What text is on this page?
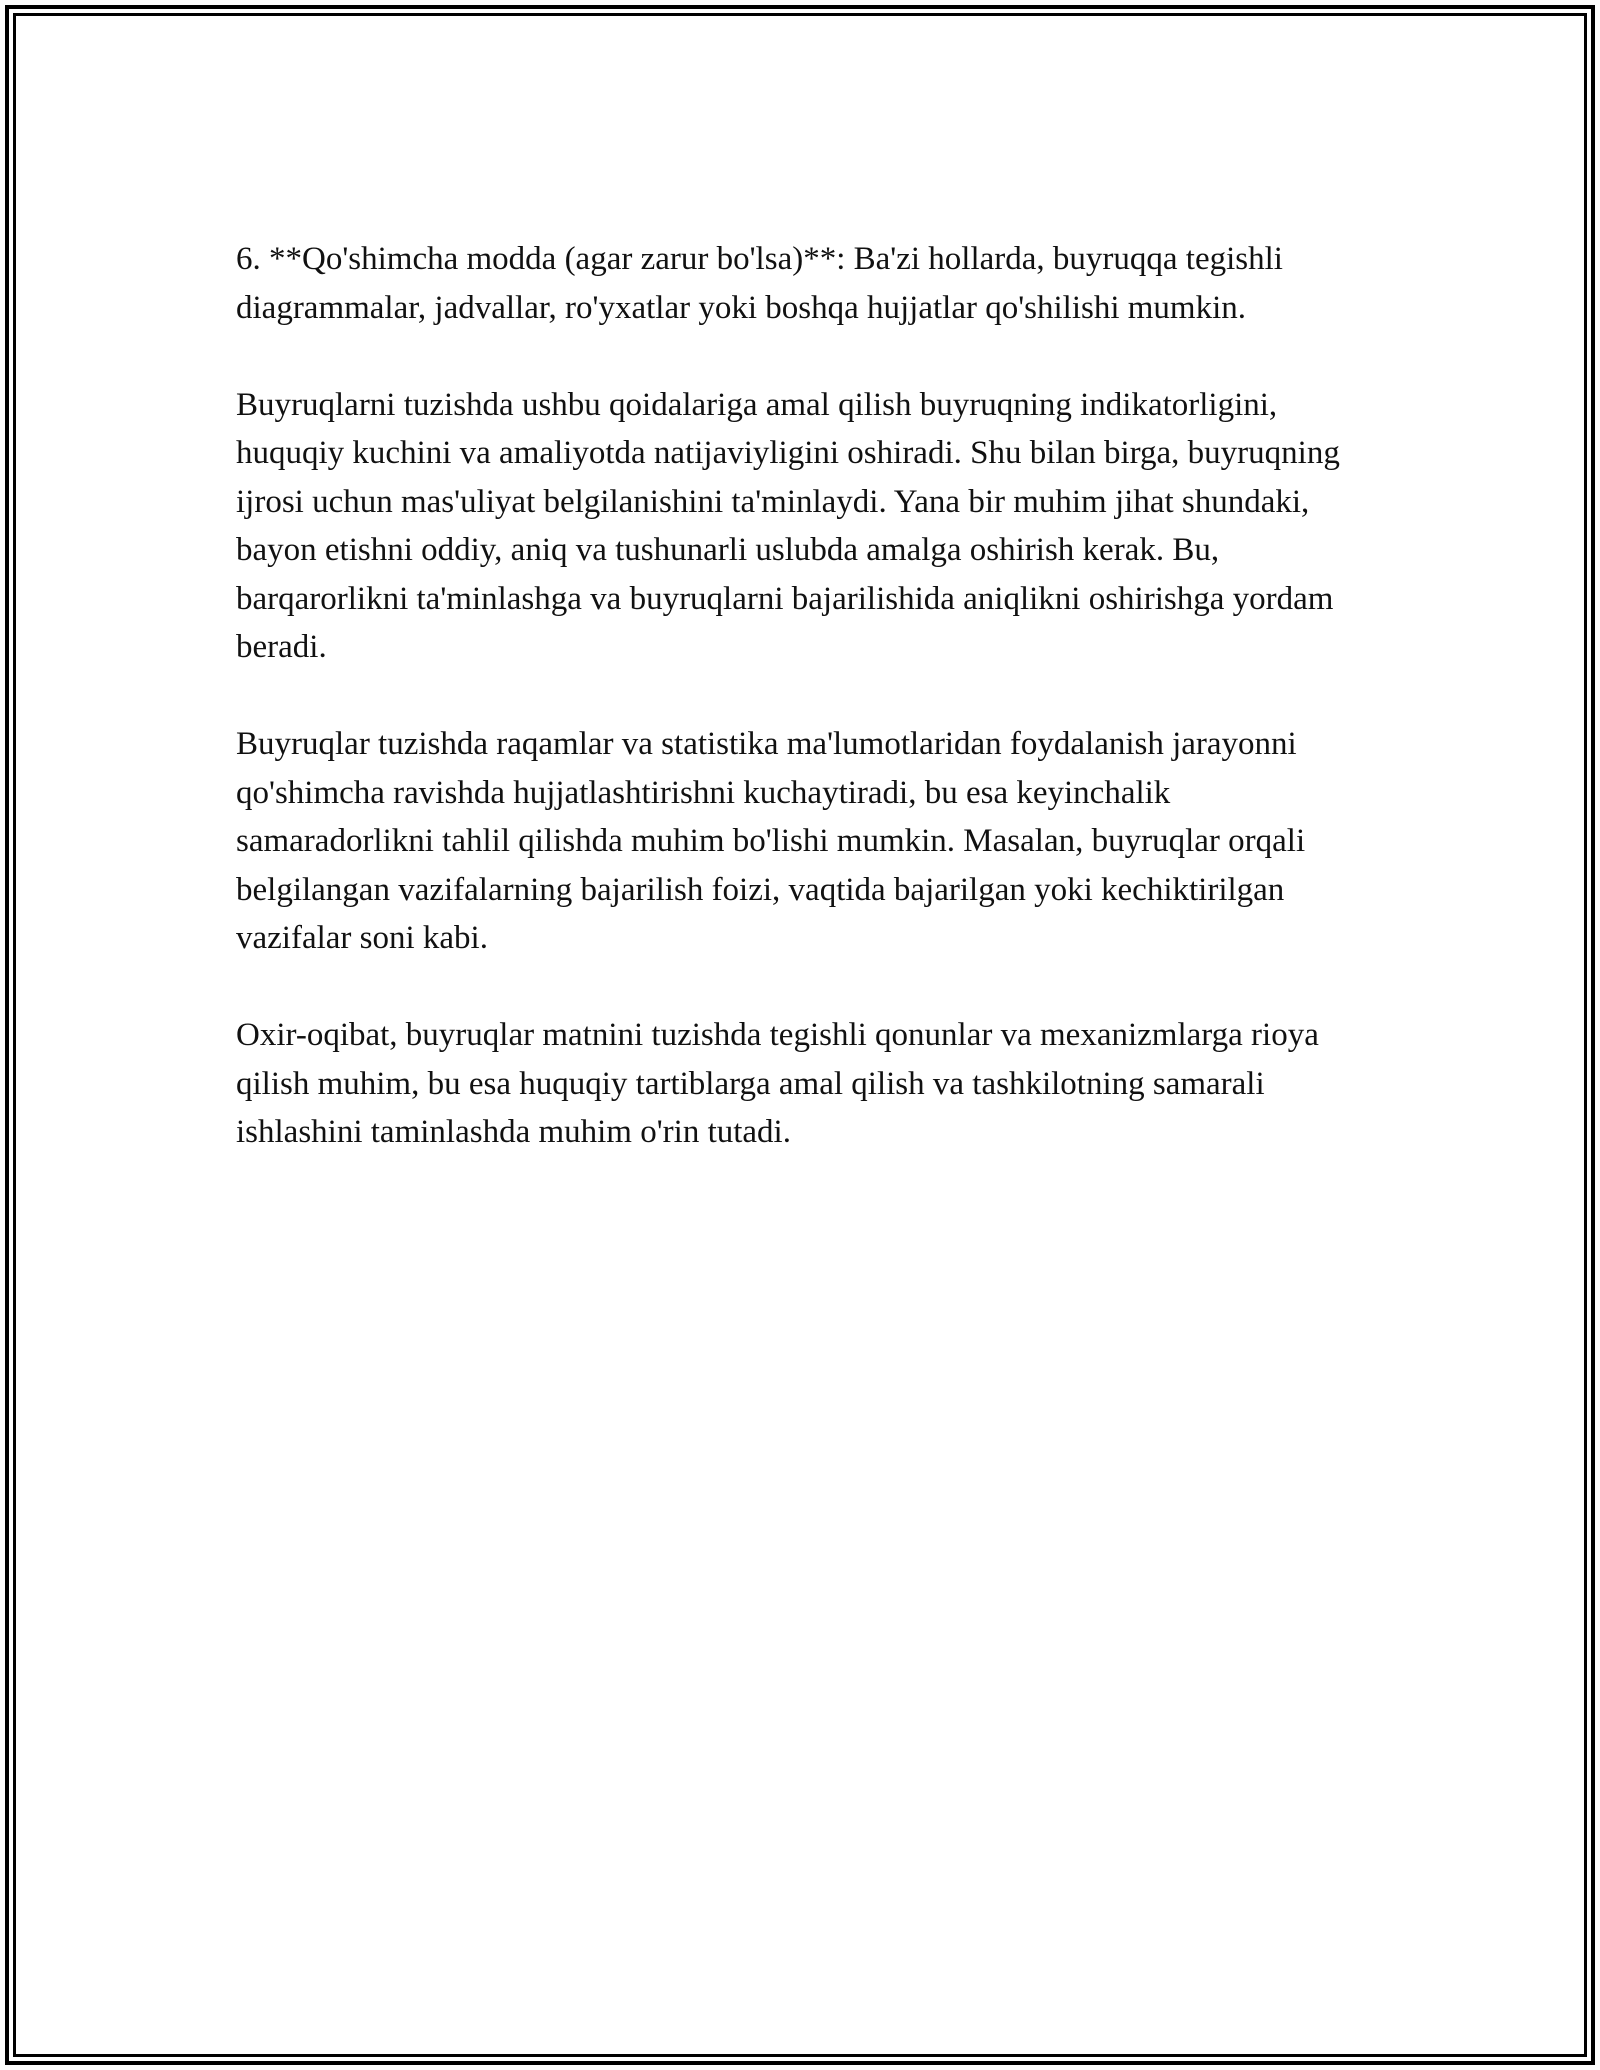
6. **Qo'shimcha modda (agar zarur bo'lsa)**: Ba'zi hollarda, buyruqqa tegishli diagrammalar, jadvallar, ro'yxatlar yoki boshqa hujjatlar qo'shilishi mumkin.

Buyruqlarni tuzishda ushbu qoidalariga amal qilish buyruqning indikatorligini, huquqiy kuchini va amaliyotda natijaviyligini oshiradi. Shu bilan birga, buyruqning ijrosi uchun mas'uliyat belgilanishini ta'minlaydi. Yana bir muhim jihat shundaki, bayon etishni oddiy, aniq va tushunarli uslubda amalga oshirish kerak. Bu, barqarorlikni ta'minlashga va buyruqlarni bajarilishida aniqlikni oshirishga yordam beradi.

Buyruqlar tuzishda raqamlar va statistika ma'lumotlaridan foydalanish jarayonni qo'shimcha ravishda hujjatlashtirishni kuchaytiradi, bu esa keyinchalik samaradorlikni tahlil qilishda muhim bo'lishi mumkin. Masalan, buyruqlar orqali belgilangan vazifalarning bajarilish foizi, vaqtida bajarilgan yoki kechiktirilgan vazifalar soni kabi.

Oxir-oqibat, buyruqlar matnini tuzishda tegishli qonunlar va mexanizmlarga rioya qilish muhim, bu esa huquqiy tartiblarga amal qilish va tashkilotning samarali ishlashini taminlashda muhim o'rin tutadi.
